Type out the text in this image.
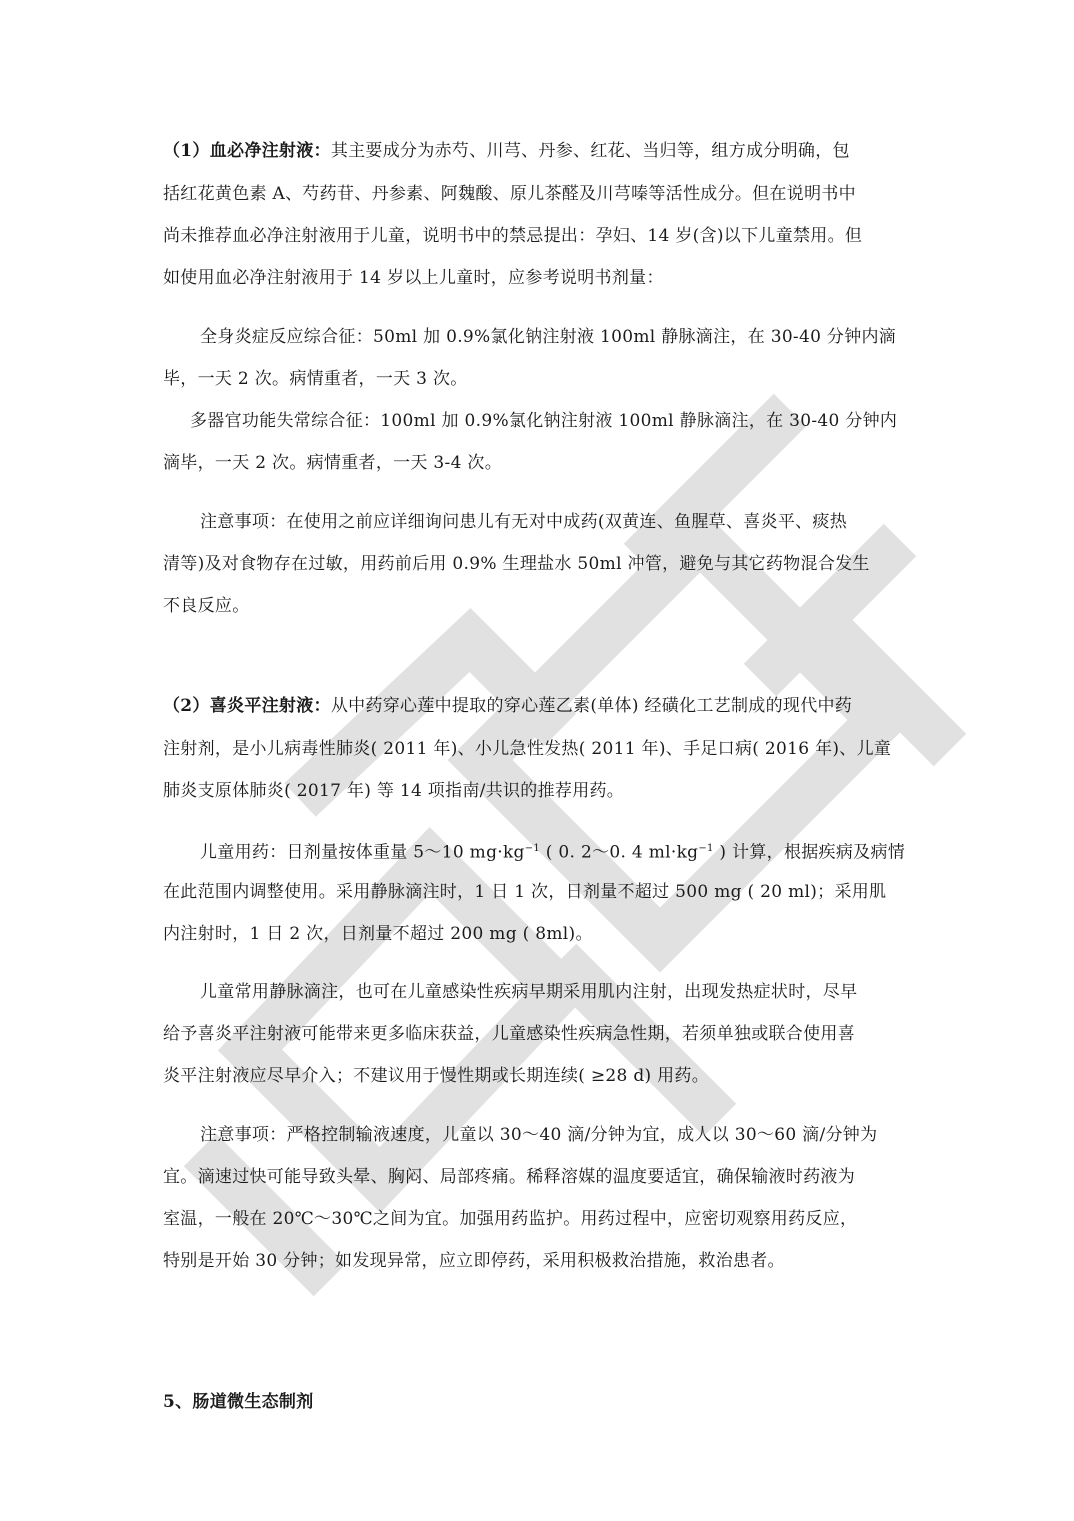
（1）血必净注射液：其主要成分为赤芍、川芎、丹参、红花、当归等，组方成分明确，包
括红花黄色素 A、芍药苷、丹参素、阿魏酸、原儿茶醛及川芎嗪等活性成分。但在说明书中
尚未推荐血必净注射液用于儿童，说明书中的禁忌提出：孕妇、14 岁(含)以下儿童禁用。但
如使用血必净注射液用于 14 岁以上儿童时，应参考说明书剂量：
全身炎症反应综合征：50ml 加 0.9%氯化钠注射液 100ml 静脉滴注，在 30-40 分钟内滴
毕，一天 2 次。病情重者，一天 3 次。
多器官功能失常综合征：100ml 加 0.9%氯化钠注射液 100ml 静脉滴注，在 30-40 分钟内
滴毕，一天 2 次。病情重者，一天 3-4 次。
注意事项：在使用之前应详细询问患儿有无对中成药(双黄连、鱼腥草、喜炎平、痰热
清等)及对食物存在过敏，用药前后用 0.9% 生理盐水 50ml 冲管，避免与其它药物混合发生
不良反应。
（2）喜炎平注射液：从中药穿心莲中提取的穿心莲乙素(单体) 经磺化工艺制成的现代中药
注射剂，是小儿病毒性肺炎( 2011 年)、小儿急性发热( 2011 年)、手足口病( 2016 年)、儿童
肺炎支原体肺炎( 2017 年) 等 14 项指南/共识的推荐用药。
儿童用药：日剂量按体重量 5～10 $mg\cdot kg^{-1}$ ( 0. 2～0. 4 $ml\cdot kg^{-1}$ ) 计算，根据疾病及病情
在此范围内调整使用。采用静脉滴注时，1 日 1 次，日剂量不超过 500 mg ( 20 ml)；采用肌
内注射时，1 日 2 次，日剂量不超过 200 mg ( 8ml)。
儿童常用静脉滴注，也可在儿童感染性疾病早期采用肌内注射，出现发热症状时，尽早
给予喜炎平注射液可能带来更多临床获益，儿童感染性疾病急性期，若须单独或联合使用喜
炎平注射液应尽早介入；不建议用于慢性期或长期连续( ≥28 d) 用药。
注意事项：严格控制输液速度，儿童以 30～40 滴/分钟为宜，成人以 30～60 滴/分钟为
宜。滴速过快可能导致头晕、胸闷、局部疼痛。稀释溶媒的温度要适宜，确保输液时药液为
室温，一般在 20℃～30℃之间为宜。加强用药监护。用药过程中，应密切观察用药反应，
特别是开始 30 分钟；如发现异常，应立即停药，采用积极救治措施，救治患者。
5、肠道微生态制剂
